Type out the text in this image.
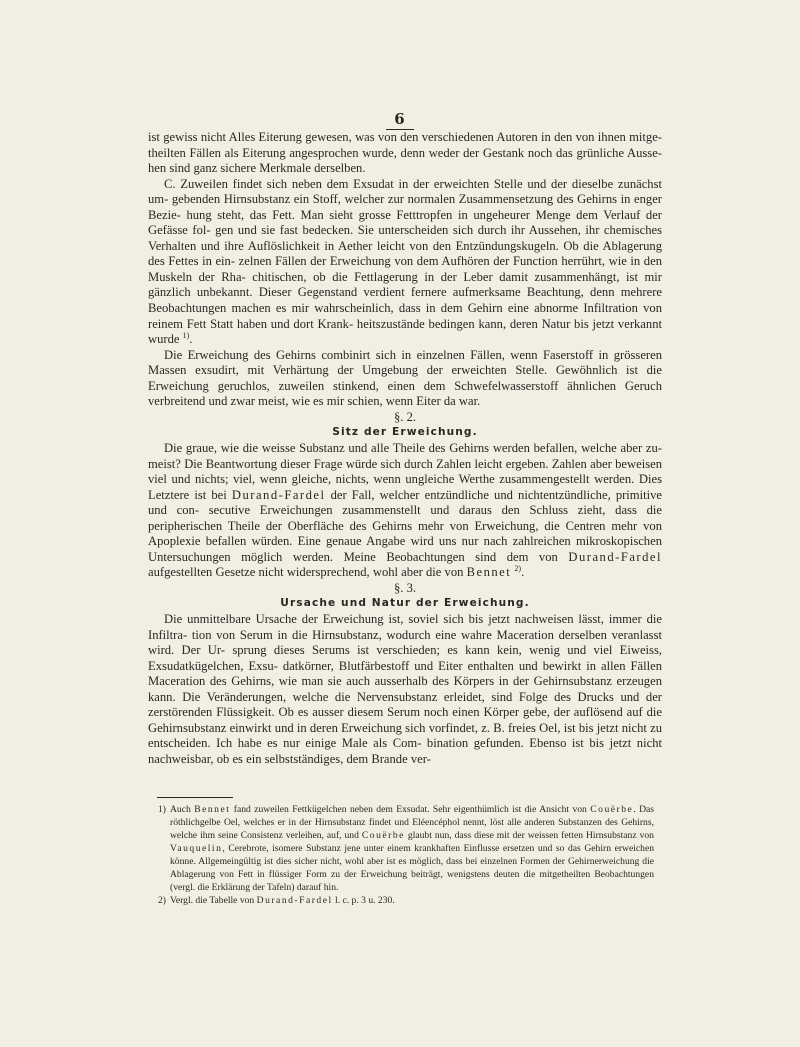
6

ist gewiss nicht Alles Eiterung gewesen, was von den verschiedenen Autoren in den von ihnen mitge- theilten Fällen als Eiterung angesprochen wurde, denn weder der Gestank noch das grünliche Ausse- hen sind ganz sichere Merkmale derselben.

C. Zuweilen findet sich neben dem Exsudat in der erweichten Stelle und der dieselbe zunächst um- gebenden Hirnsubstanz ein Stoff, welcher zur normalen Zusammensetzung des Gehirns in enger Bezie- hung steht, das Fett. Man sieht grosse Fetttropfen in ungeheurer Menge dem Verlauf der Gefässe fol- gen und sie fast bedecken. Sie unterscheiden sich durch ihr Aussehen, ihr chemisches Verhalten und ihre Auflöslichkeit in Aether leicht von den Entzündungskugeln. Ob die Ablagerung des Fettes in ein- zelnen Fällen der Erweichung von dem Aufhören der Function herrührt, wie in den Muskeln der Rha- chitischen, ob die Fettlagerung in der Leber damit zusammenhängt, ist mir gänzlich unbekannt. Dieser Gegenstand verdient fernere aufmerksame Beachtung, denn mehrere Beobachtungen machen es mir wahrscheinlich, dass in dem Gehirn eine abnorme Infiltration von reinem Fett Statt haben und dort Krank- heitszustände bedingen kann, deren Natur bis jetzt verkannt wurde $^{1)}$.

Die Erweichung des Gehirns combinirt sich in einzelnen Fällen, wenn Faserstoff in grösseren Massen exsudirt, mit Verhärtung der Umgebung der erweichten Stelle. Gewöhnlich ist die Erweichung geruchlos, zuweilen stinkend, einen dem Schwefelwasserstoff ähnlichen Geruch verbreitend und zwar meist, wie es mir schien, wenn Eiter da war.

§. 2.

Sitz der Erweichung.

Die graue, wie die weisse Substanz und alle Theile des Gehirns werden befallen, welche aber zu- meist? Die Beantwortung dieser Frage würde sich durch Zahlen leicht ergeben. Zahlen aber beweisen viel und nichts; viel, wenn gleiche, nichts, wenn ungleiche Werthe zusammengestellt werden. Dies Letztere ist bei Durand-Fardel der Fall, welcher entzündliche und nichtentzündliche, primitive und con- secutive Erweichungen zusammenstellt und daraus den Schluss zieht, dass die peripherischen Theile der Oberfläche des Gehirns mehr von Erweichung, die Centren mehr von Apoplexie befallen würden. Eine genaue Angabe wird uns nur nach zahlreichen mikroskopischen Untersuchungen möglich werden. Meine Beobachtungen sind dem von Durand-Fardel aufgestellten Gesetze nicht widersprechend, wohl aber die von Bennet $^{2)}$.

§. 3.

Ursache und Natur der Erweichung.

Die unmittelbare Ursache der Erweichung ist, soviel sich bis jetzt nachweisen lässt, immer die Infiltra- tion von Serum in die Hirnsubstanz, wodurch eine wahre Maceration derselben veranlasst wird. Der Ur- sprung dieses Serums ist verschieden; es kann kein, wenig und viel Eiweiss, Exsudatkügelchen, Exsu- datkörner, Blutfärbestoff und Eiter enthalten und bewirkt in allen Fällen Maceration des Gehirns, wie man sie auch ausserhalb des Körpers in der Gehirnsubstanz erzeugen kann. Die Veränderungen, welche die Nervensubstanz erleidet, sind Folge des Drucks und der zerstörenden Flüssigkeit. Ob es ausser diesem Serum noch einen Körper gebe, der auflösend auf die Gehirnsubstanz einwirkt und in deren Erweichung sich vorfindet, z. B. freies Oel, ist bis jetzt nicht zu entscheiden. Ich habe es nur einige Male als Com- bination gefunden. Ebenso ist bis jetzt nicht nachweisbar, ob es ein selbstständiges, dem Brande ver-

1) Auch Bennet fand zuweilen Fettkügelchen neben dem Exsudat. Sehr eigenthümlich ist die Ansicht von Couërbe. Das röthlichgelbe Oel, welches er in der Hirnsubstanz findet und Eléencéphol nennt, löst alle anderen Substanzen des Gehirns, welche ihm seine Consistenz verleihen, auf, und Couërbe glaubt nun, dass diese mit der weissen fetten Hirnsubstanz von Vauquelin, Cerebrote, isomere Substanz jene unter einem krankhaften Einflusse ersetzen und so das Gehirn erweichen könne. Allgemeingültig ist dies sicher nicht, wohl aber ist es möglich, dass bei einzelnen Formen der Gehirnerweichung die Ablagerung von Fett in flüssiger Form zu der Erweichung beiträgt, wenigstens deuten die mitgetheilten Beobachtungen (vergl. die Erklärung der Tafeln) darauf hin.

2) Vergl. die Tabelle von Durand-Fardel l. c. p. 3 u. 230.
